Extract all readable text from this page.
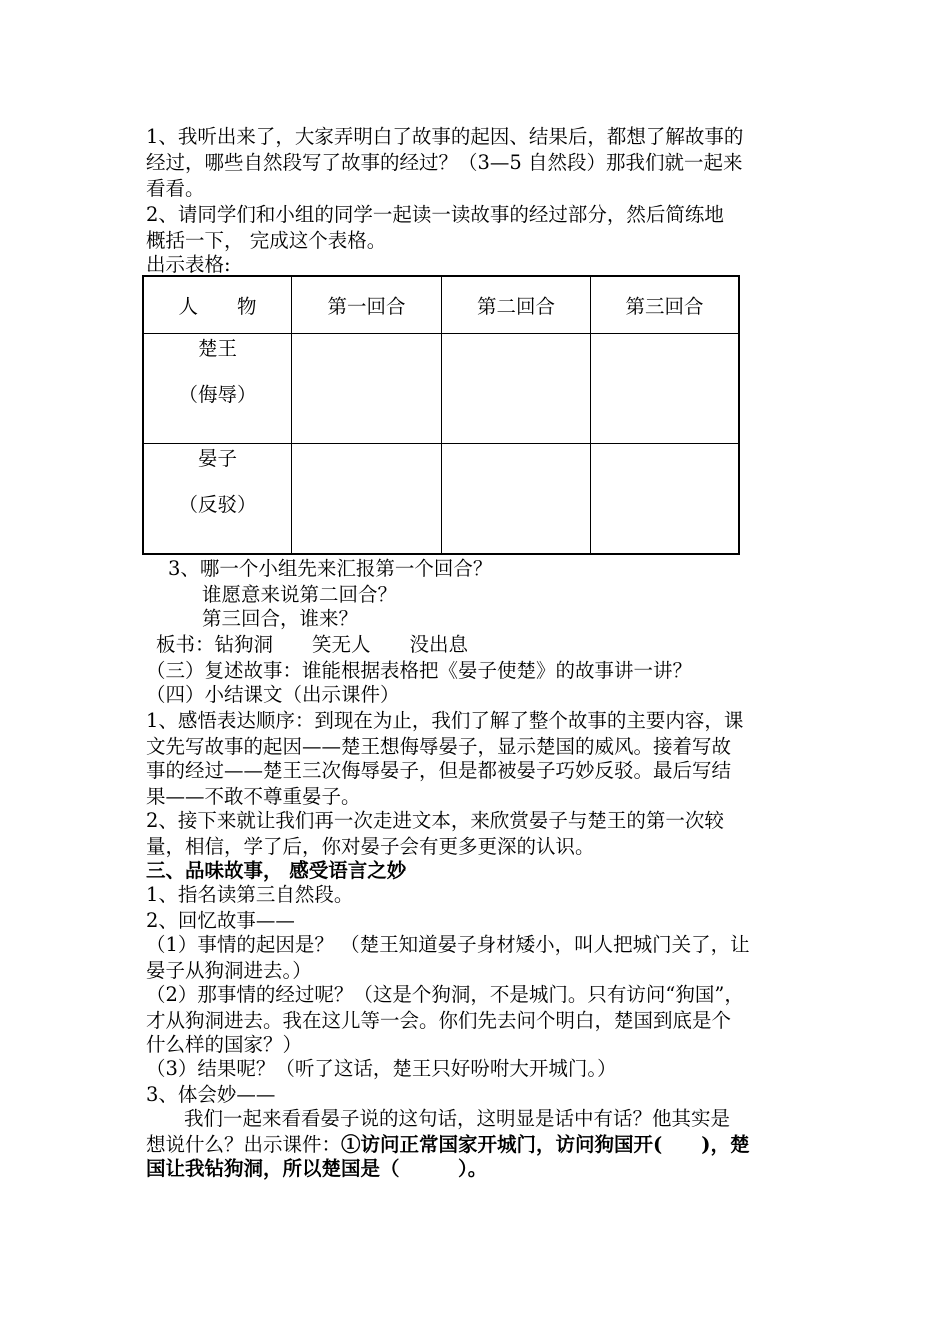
1、我听出来了，大家弄明白了故事的起因、结果后，都想了解故事的

经过，哪些自然段写了故事的经过？（3—5 自然段）那我们就一起来

看看。

2、请同学们和小组的同学一起读一读故事的经过部分，然后简练地

概括一下， 完成这个表格。

出示表格:

人　　物	第一回合	第二回合	第三回合

楚王
（侮辱）			

晏子
（反驳）			

3、哪一个小组先来汇报第一个回合？

谁愿意来说第二回合？

第三回合，谁来？

板书：钻狗洞　　笑无人　　没出息

（三）复述故事：谁能根据表格把《晏子使楚》的故事讲一讲？

（四）小结课文（出示课件）

1、感悟表达顺序：到现在为止，我们了解了整个故事的主要内容，课

文先写故事的起因——楚王想侮辱晏子，显示楚国的威风。接着写故

事的经过——楚王三次侮辱晏子，但是都被晏子巧妙反驳。最后写结

果——不敢不尊重晏子。

2、接下来就让我们再一次走进文本，来欣赏晏子与楚王的第一次较

量，相信，学了后，你对晏子会有更多更深的认识。

三、品味故事， 感受语言之妙

1、指名读第三自然段。

2、回忆故事——

（1）事情的起因是？ （楚王知道晏子身材矮小，叫人把城门关了，让

晏子从狗洞进去。）

（2）那事情的经过呢？（这是个狗洞，不是城门。只有访问“狗国”，

才从狗洞进去。我在这儿等一会。你们先去问个明白，楚国到底是个

什么样的国家？）

（3）结果呢？（听了这话，楚王只好吩咐大开城门。）

3、体会妙——

我们一起来看看晏子说的这句话，这明显是话中有话？他其实是

想说什么？出示课件：①访问正常国家开城门，访问狗国开(　　)，楚

国让我钻狗洞，所以楚国是（　　　）。
